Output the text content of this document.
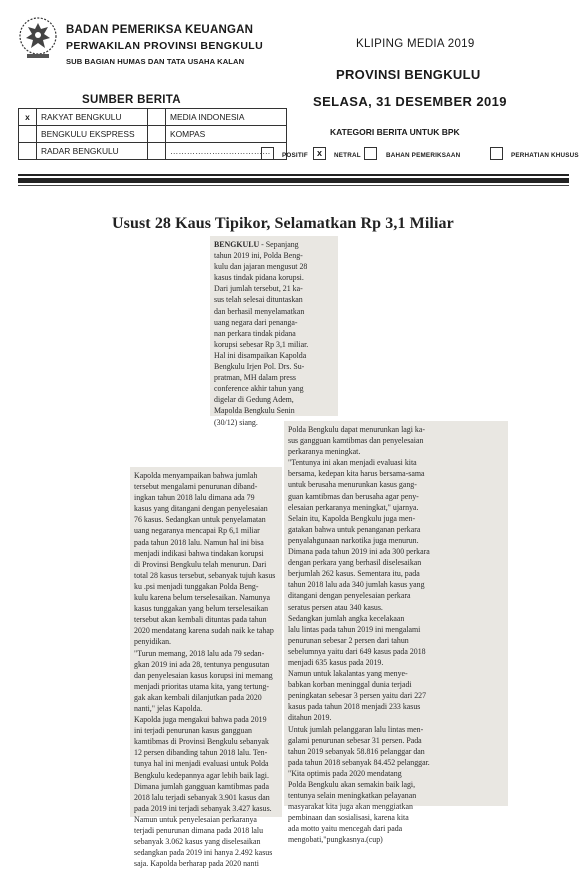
BADAN PEMERIKSA KEUANGAN
PERWAKILAN PROVINSI BENGKULU
SUB BAGIAN HUMAS DAN TATA USAHA KALAN
KLIPING MEDIA 2019
PROVINSI BENGKULU
SUMBER BERITA	SELASA, 31 DESEMBER 2019
x	RAKYAT BENGKULU		MEDIA INDONESIA
	BENGKULU EKSPRESS		KOMPAS
	RADAR BENGKULU		………………………………
KATEGORI BERITA UNTUK BPK
POSITIF	x	NETRAL	BAHAN PEMERIKSAAN	PERHATIAN KHUSUS
Usust 28 Kaus Tipikor, Selamatkan Rp 3,1 Miliar
BENGKULU - Sepanjang
tahun 2019 ini, Polda Beng-
kulu dan jajaran mengusut 28
kasus tindak pidana korupsi.
Dari jumlah tersebut, 21 ka-
sus telah selesai dituntaskan
dan berhasil menyelamatkan
uang negara dari penanga-
nan perkara tindak pidana
korupsi sebesar Rp 3,1 miliar.
Hal ini disampaikan Kapolda
Bengkulu Irjen Pol. Drs. Su-
pratman, MH dalam press
conference akhir tahun yang
digelar di Gedung Adem,
Mapolda Bengkulu Senin
(30/12) siang.
Kapolda menyampaikan bahwa jumlah
tersebut mengalami penurunan diband-
ingkan tahun 2018 lalu dimana ada 79
kasus yang ditangani dengan penyelesaian
76 kasus. Sedangkan untuk penyelamatan
uang negaranya mencapai Rp 6,1 miliar
pada tahun 2018 lalu. Namun hal ini bisa
menjadi indikasi bahwa tindakan korupsi
di Provinsi Bengkulu telah menurun. Dari
total 28 kasus tersebut, sebanyak tujuh kasus
ku .psi menjadi tunggakan Polda Beng-
kulu karena belum terselesaikan. Namunya
kasus tunggakan yang belum terselesaikan
tersebut akan kembali dituntas pada tahun
2020 mendatang karena sudah naik ke tahap
penyidikan.
"Turun memang, 2018 lalu ada 79 sedan-
gkan 2019 ini ada 28, tentunya pengusutan
dan penyelesaian kasus korupsi ini memang
menjadi prioritas utama kita, yang tertung-
gak akan kembali dilanjutkan pada 2020
nanti," jelas Kapolda.
Kapolda juga mengakui bahwa pada 2019
ini terjadi penurunan kasus gangguan
kamtibmas di Provinsi Bengkulu sebanyak
12 persen dibanding tahun 2018 lalu. Ten-
tunya hal ini menjadi evaluasi untuk Polda
Bengkulu kedepannya agar lebih baik lagi.
Dimana jumlah gangguan kamtibmas pada
2018 lalu terjadi sebanyak 3.901 kasus dan
pada 2019 ini terjadi sebanyak 3.427 kasus.
Namun untuk penyelesaian perkaranya
terjadi penurunan dimana pada 2018 lalu
sebanyak 3.062 kasus yang diselesaikan
sedangkan pada 2019 ini hanya 2.492 kasus
saja. Kapolda berharap pada 2020 nanti
Polda Bengkulu dapat menurunkan lagi ka-
sus gangguan kamtibmas dan penyelesaian
perkaranya meningkat.
"Tentunya ini akan menjadi evaluasi kita
bersama, kedepan kita harus bersama-sama
untuk berusaha menurunkan kasus gang-
guan kamtibmas dan berusaha agar peny-
elesaian perkaranya meningkat," ujarnya.
Selain itu, Kapolda Bengkulu juga men-
gatakan bahwa untuk penanganan perkara
penyalahgunaan narkotika juga menurun.
Dimana pada tahun 2019 ini ada 300 perkara
dengan perkara yang berhasil diselesaikan
berjumlah 262 kasus. Sementara itu, pada
tahun 2018 lalu ada 340 jumlah kasus yang
ditangani dengan penyelesaian perkara
seratus persen atau 340 kasus.
Sedangkan jumlah angka kecelakaan
lalu lintas pada tahun 2019 ini mengalami
penurunan sebesar 2 persen dari tahun
sebelumnya yaitu dari 649 kasus pada 2018
menjadi 635 kasus pada 2019.
Namun untuk lakalantas yang menye-
babkan korban meninggal dunia terjadi
peningkatan sebesar 3 persen yaitu dari 227
kasus pada tahun 2018 menjadi 233 kasus
ditahun 2019.
Untuk jumlah pelanggaran lalu lintas men-
galami penurunan sebesar 31 persen. Pada
tahun 2019 sebanyak 58.816 pelanggar dan
pada tahun 2018 sebanyak 84.452 pelanggar.
"Kita optimis pada 2020 mendatang
Polda Bengkulu akan semakin baik lagi,
tentunya selain meningkatkan pelayanan
masyarakat kita juga akan menggiatkan
pembinaan dan sosialisasi, karena kita
ada motto yaitu mencegah dari pada
mengobati,"pungkasnya.(cup)
